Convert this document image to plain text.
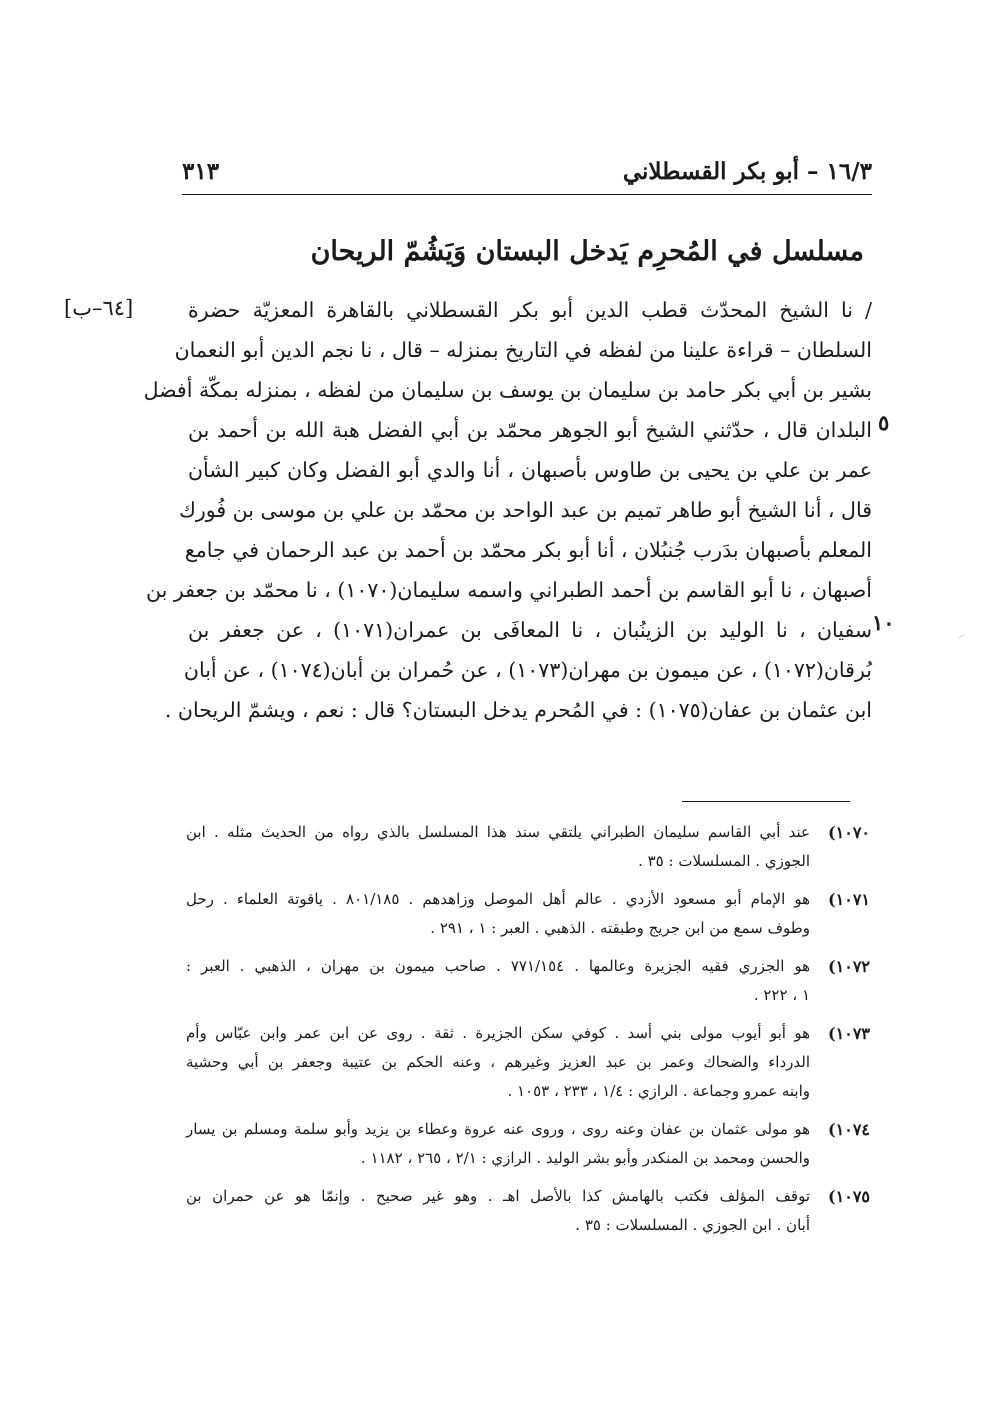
١٦/٣ – أبو بكر القسطلاني
٣١٣
مسلسل في المُحرِم يَدخل البستان وَيَشُمّ الريحان
[٦٤–ب]	/ نا الشيخ المحدّث قطب الدين أبو بكر القسطلاني بالقاهرة المعزيّة حضرة
السلطان – قراءة علينا من لفظه في التاريخ بمنزله – قال ، نا نجم الدين أبو النعمان
بشير بن أبي بكر حامد بن سليمان بن يوسف بن سليمان من لفظه ، بمنزله بمكّة أفضل
البلدان قال ، حدّثني الشيخ أبو الجوهر محمّد بن أبي الفضل هبة الله بن أحمد بن
عمر بن علي بن يحيى بن طاوس بأصبهان ، أنا والدي أبو الفضل وكان كبير الشأن
قال ، أنا الشيخ أبو طاهر تميم بن عبد الواحد بن محمّد بن علي بن موسى بن فُورك
المعلم بأصبهان بدَرب جُنبُلان ، أنا أبو بكر محمّد بن أحمد بن عبد الرحمان في جامع
أصبهان ، نا أبو القاسم بن أحمد الطبراني واسمه سليمان(١٠٧٠) ، نا محمّد بن جعفر بن
سفيان ، نا الوليد بن الزينُبان ، نا المعافَى بن عمران(١٠٧١) ، عن جعفر بن
بُرقان(١٠٧٢) ، عن ميمون بن مهران(١٠٧٣) ، عن حُمران بن أبان(١٠٧٤) ، عن أبان
ابن عثمان بن عفان(١٠٧٥) : في المُحرم يدخل البستان؟ قال : نعم ، ويشمّ الريحان .
٥
١٠
١٠٧٠)
عند أبي القاسم سليمان الطبراني يلتقي سند هذا المسلسل بالذي رواه من الحديث مثله . ابن
الجوزي . المسلسلات : ٣٥ .
١٠٧١)
هو الإمام أبو مسعود الأزدي . عالم أهل الموصل وزاهدهم . ٨٠١/١٨٥ . ياقوتة العلماء . رحل
وطوف سمع من ابن جريج وطبقته . الذهبي . العبر : ١ ، ٢٩١ .
١٠٧٢)
هو الجزري فقيه الجزيرة وعالمها . ٧٧١/١٥٤ . صاحب ميمون بن مهران ، الذهبي . العبر :
١ ، ٢٢٢ .
١٠٧٣)
هو أبو أيوب مولى بني أسد . كوفي سكن الجزيرة . ثقة . روى عن ابن عمر وابن عبّاس وأم
الدرداء والضحاك وعمر بن عبد العزيز وغيرهم ، وعنه الحكم بن عتيبة وجعفر بن أبي وحشية
وابنه عمرو وجماعة . الرازي : ١/٤ ، ٢٣٣ ، ١٠٥٣ .
١٠٧٤)
هو مولى عثمان بن عفان وعنه روى ، وروى عنه عروة وعطاء بن يزيد وأبو سلمة ومسلم بن يسار
والحسن ومحمد بن المنكدر وأبو بشر الوليد . الرازي : ٢/١ ، ٢٦٥ ، ١١٨٢ .
١٠٧٥)
توقف المؤلف فكتب بالهامش كذا بالأصل اهـ . وهو غير صحيح . وإنمّا هو عن حمران بن
أبان . ابن الجوزي . المسلسلات : ٣٥ .
